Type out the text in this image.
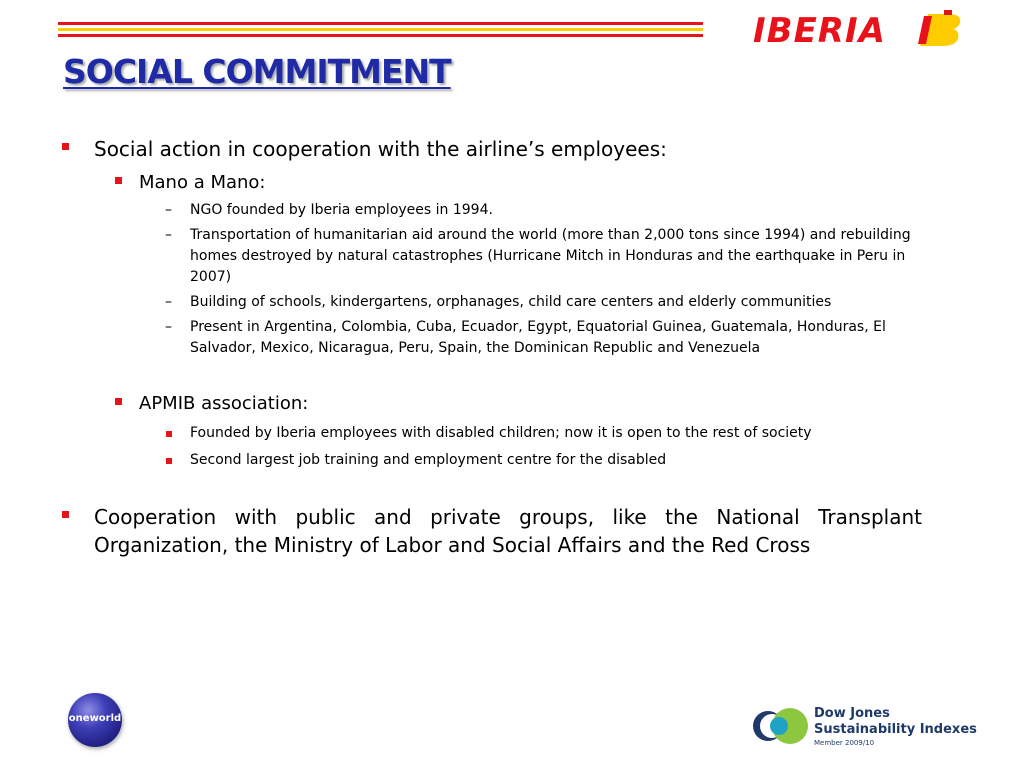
IBERIA
SOCIAL COMMITMENT
Social action in cooperation with the airline’s employees:
Mano a Mano:
– NGO founded by Iberia employees in 1994.
– Transportation of humanitarian aid around the world (more than 2,000 tons since 1994) and rebuilding homes destroyed by natural catastrophes (Hurricane Mitch in Honduras and the earthquake in Peru in 2007)
– Building of schools, kindergartens, orphanages, child care centers and elderly communities
– Present in Argentina, Colombia, Cuba, Ecuador, Egypt, Equatorial Guinea, Guatemala, Honduras, El Salvador, Mexico, Nicaragua, Peru, Spain, the Dominican Republic and Venezuela
APMIB association:
Founded by Iberia employees with disabled children; now it is open to the rest of society
Second largest job training and employment centre for the disabled
Cooperation with public and private groups, like the National Transplant Organization, the Ministry of Labor and Social Affairs and the Red Cross
oneworld	Dow Jones
Sustainability Indexes
Member 2009/10
